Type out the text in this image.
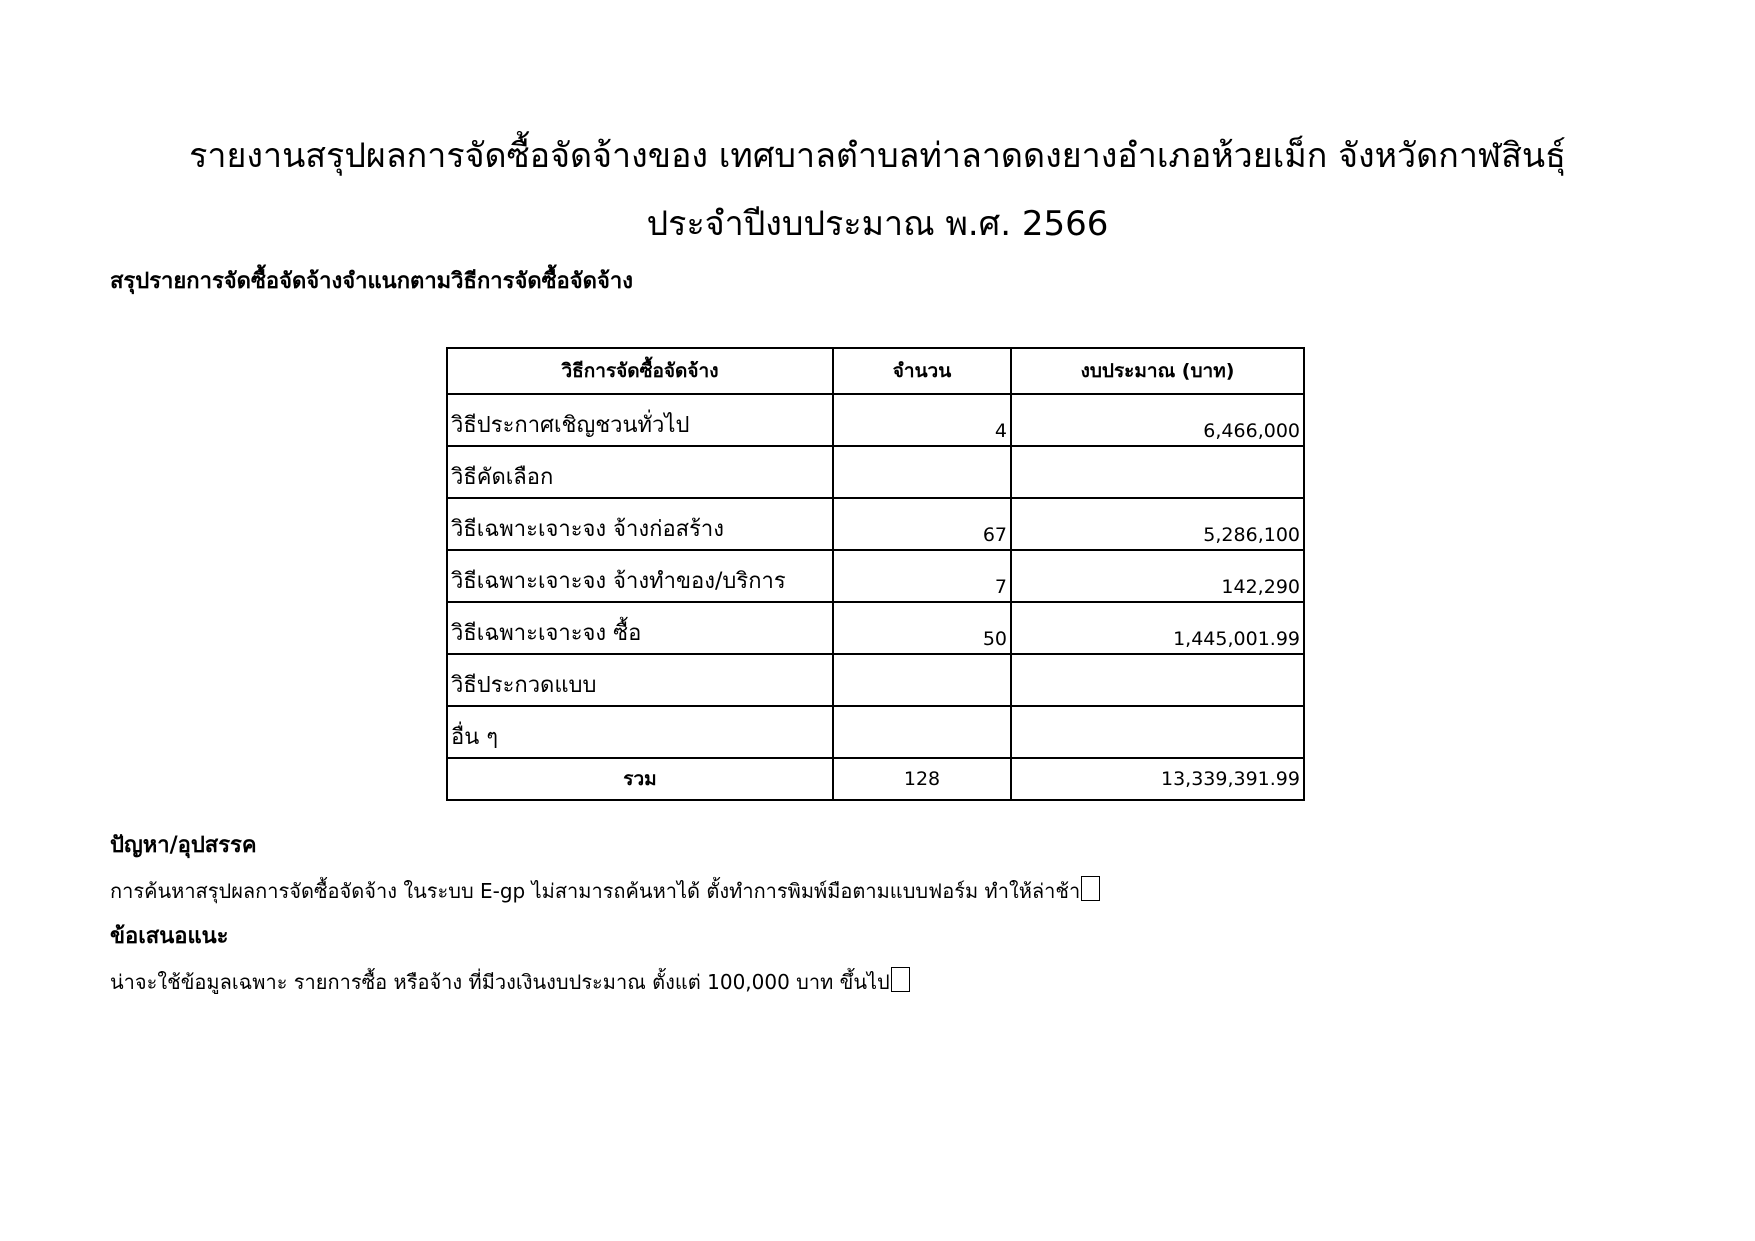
รายงานสรุปผลการจัดซื้อจัดจ้างของ เทศบาลตำบลท่าลาดดงยางอำเภอห้วยเม็ก จังหวัดกาฬสินธุ์
ประจำปีงบประมาณ พ.ศ. 2566
สรุปรายการจัดซื้อจัดจ้างจำแนกตามวิธีการจัดซื้อจัดจ้าง
วิธีการจัดซื้อจัดจ้าง	จำนวน	งบประมาณ (บาท)
วิธีประกาศเชิญชวนทั่วไป	4	6,466,000
วิธีคัดเลือก		
วิธีเฉพาะเจาะจง จ้างก่อสร้าง	67	5,286,100
วิธีเฉพาะเจาะจง จ้างทำของ/บริการ	7	142,290
วิธีเฉพาะเจาะจง ซื้อ	50	1,445,001.99
วิธีประกวดแบบ		
อื่น ๆ		
รวม	128	13,339,391.99
ปัญหา/อุปสรรค
การค้นหาสรุปผลการจัดซื้อจัดจ้าง ในระบบ E-gp ไม่สามารถค้นหาได้ ตั้งทำการพิมพ์มือตามแบบฟอร์ม ทำให้ล่าช้า
ข้อเสนอแนะ
น่าจะใช้ข้อมูลเฉพาะ รายการซื้อ หรือจ้าง ที่มีวงเงินงบประมาณ ตั้งแต่ 100,000 บาท ขึ้นไป
